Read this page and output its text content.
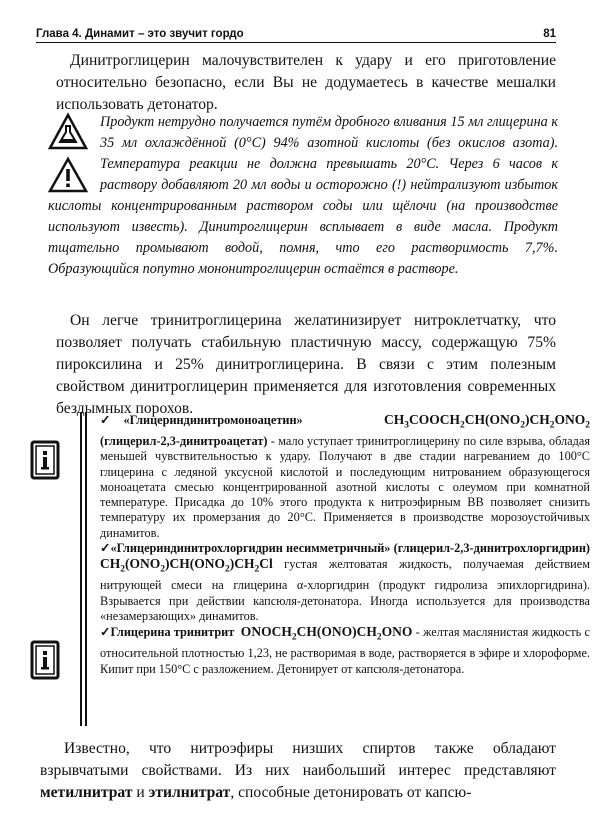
Глава 4. Динамит – это звучит гордо	81
Динитроглицерин малочувствителен к удару и его приготовление относительно безопасно, если Вы не додумаетесь в качестве мешалки использовать детонатор.
Продукт нетрудно получается путём дробного вливания 15 мл глицерина к 35 мл охлаждённой (0°С) 94% азотной кислоты (без окислов азота). Температура реакции не должна превышать 20°С. Через 6 часов к раствору добавляют 20 мл воды и осторожно (!) нейтрализуют избыток кислоты концентрированным раствором соды или щёлочи (на производстве используют известь). Динитроглицерин всплывает в виде масла. Продукт тщательно промывают водой, помня, что его растворимость 7,7%. Образующийся попутно мононитроглицерин остаётся в растворе.
Он легче тринитроглицерина желатинизирует нитроклетчатку, что позволяет получать стабильную пластичную массу, содержащую 75% пироксилина и 25% динитроглицерина. В связи с этим полезным свойством динитроглицерин применяется для изготовления современных бездымных порохов.

✓«Глицериндинитромоноацетин»	$CH_3COOCH_2CH(ONO_2)CH_2ONO_2$ (глицерил-2,3-динитроацетат) - мало уступает тринитроглицерину по силе взрыва, обладая меньшей чувствительностью к удару. Получают в две стадии нагреванием до 100°С глицерина с ледяной уксусной кислотой и последующим нитрованием образующегося моноацетата смесью концентрированной азотной кислоты с олеумом при комнатной температуре. Присадка до 10% этого продукта к нитроэфирным ВВ позволяет снизить температуру их промерзания до 20°С. Применяется в производстве морозоустойчивых динамитов.

✓«Глицериндинитрохлоргидрин несимметричный» (глицерил-2,3-динитрохлоргидрин) $CH_2(ONO_2)CH(ONO_2)CH_2Cl$ густая желтоватая жидкость, получаемая действием нитрующей смеси на глицерина α-хлоргидрин (продукт гидролиза эпихлоргидрина). Взрывается при действии капсюля-детонатора. Иногда используется для производства «незамерзающих» динамитов.

✓Глицерина тринитрит $ONOCH_2CH(ONO)CH_2ONO$ - желтая маслянистая жидкость с относительной плотностью 1,23, не растворимая в воде, растворяется в эфире и хлороформе. Кипит при 150°С с разложением. Детонирует от капсюля-детонатора.

Известно, что нитроэфиры низших спиртов также обладают взрывчатыми свойствами. Из них наибольший интерес представляют метилнитрат и этилнитрат, способные детонировать от капсю-
